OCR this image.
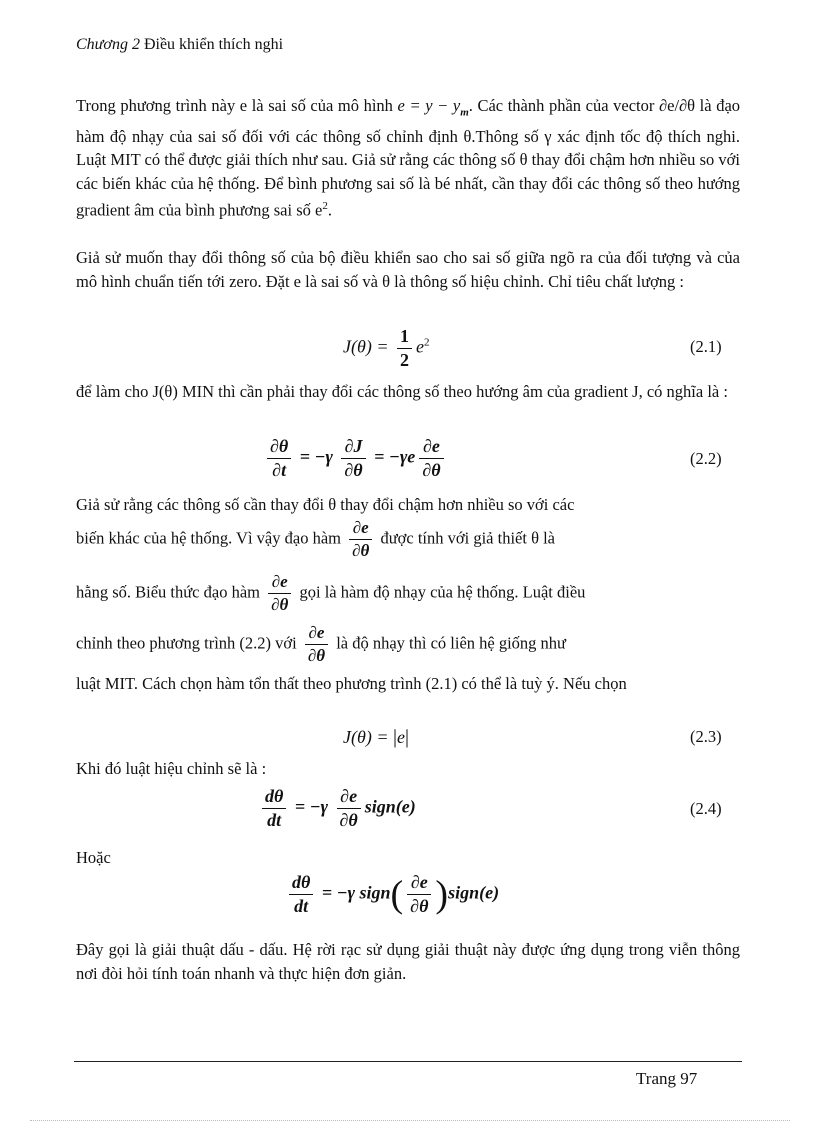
Chương 2 Điều khiển thích nghi
Trong phương trình này e là sai số của mô hình $e = y - y_m$. Các thành phần của vector ∂e/∂θ là đạo hàm độ nhạy của sai số đối với các thông số chỉnh định θ.Thông số γ xác định tốc độ thích nghi. Luật MIT có thể được giải thích như sau. Giả sử rằng các thông số θ thay đổi chậm hơn nhiều so với các biến khác của hệ thống. Để bình phương sai số là bé nhất, cần thay đổi các thông số theo hướng gradient âm của bình phương sai số $e^2$.
Giả sử muốn thay đổi thông số của bộ điều khiển sao cho sai số giữa ngõ ra của đối tượng và của mô hình chuẩn tiến tới zero. Đặt e là sai số và θ là thông số hiệu chỉnh. Chỉ tiêu chất lượng :
$J(\theta) = \frac{1}{2} e^2$	(2.1)
để làm cho J(θ) MIN thì cần phải thay đổi các thông số theo hướng âm của gradient J, có nghĩa là :
$\frac{\partial\theta}{\partial t} = -\gamma \frac{\partial J}{\partial\theta} = -\gamma e \frac{\partial e}{\partial\theta}$	(2.2)
Giả sử rằng các thông số cần thay đổi θ thay đổi chậm hơn nhiều so với các
biến khác của hệ thống. Vì vậy đạo hàm $\frac{\partial e}{\partial\theta}$ được tính với giả thiết θ là
hằng số. Biểu thức đạo hàm $\frac{\partial e}{\partial\theta}$ gọi là hàm độ nhạy của hệ thống. Luật điều
chỉnh theo phương trình (2.2) với $\frac{\partial e}{\partial\theta}$ là độ nhạy thì có liên hệ giống như
luật MIT. Cách chọn hàm tổn thất theo phương trình (2.1) có thể là tuỳ ý. Nếu chọn
J(θ) = |e|	(2.3)
Khi đó luật hiệu chỉnh sẽ là :
$\frac{d\theta}{dt} = -\gamma \frac{\partial e}{\partial\theta}$ sign(e)	(2.4)
Hoặc
$\frac{d\theta}{dt} = -\gamma$ sign( $\frac{\partial e}{\partial\theta}$ )sign(e)
Đây gọi là giải thuật dấu - dấu. Hệ rời rạc sử dụng giải thuật này được ứng dụng trong viễn thông nơi đòi hỏi tính toán nhanh và thực hiện đơn giản.
Trang 97
